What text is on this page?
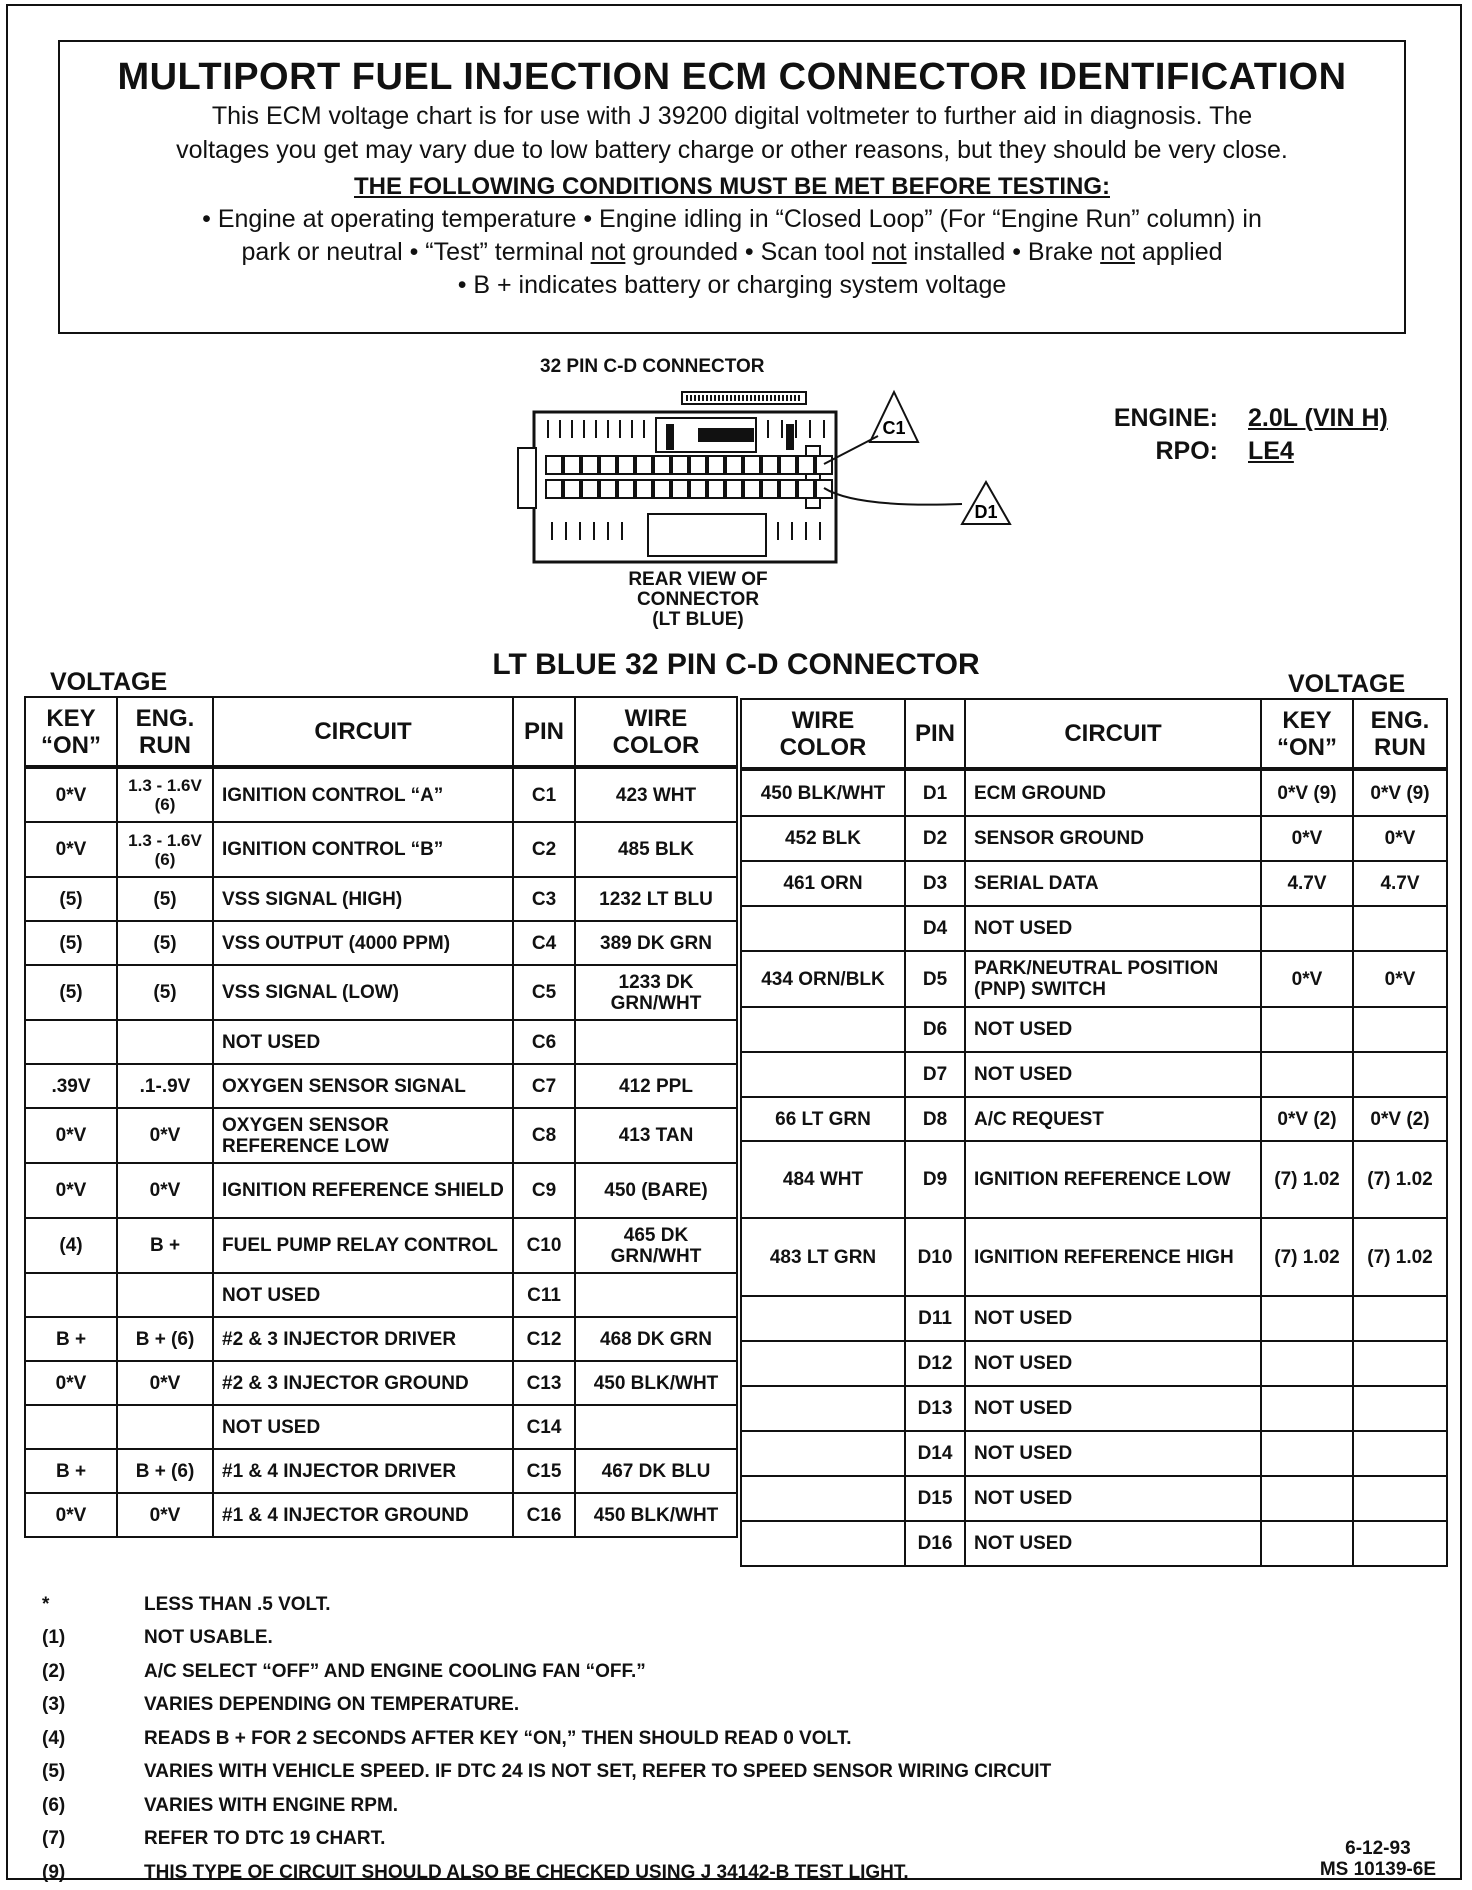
MULTIPORT FUEL INJECTION ECM CONNECTOR IDENTIFICATION
This ECM voltage chart is for use with J 39200 digital voltmeter to further aid in diagnosis. The
voltages you get may vary due to low battery charge or other reasons, but they should be very close.
THE FOLLOWING CONDITIONS MUST BE MET BEFORE TESTING:
• Engine at operating temperature • Engine idling in “Closed Loop” (For “Engine Run” column) in
park or neutral • “Test” terminal not grounded • Scan tool not installed • Brake not applied
• B + indicates battery or charging system voltage
32 PIN C-D CONNECTOR
C1
D1
REAR VIEW OF CONNECTOR
(LT BLUE)
ENGINE: 2.0L (VIN H)
RPO: LE4
LT BLUE 32 PIN C-D CONNECTOR
VOLTAGE	VOLTAGE
KEY “ON”	ENG. RUN	CIRCUIT	PIN	WIRE COLOR
0*V	1.3 - 1.6V (6)	IGNITION CONTROL “A”	C1	423 WHT
0*V	1.3 - 1.6V (6)	IGNITION CONTROL “B”	C2	485 BLK
(5)	(5)	VSS SIGNAL (HIGH)	C3	1232 LT BLU
(5)	(5)	VSS OUTPUT (4000 PPM)	C4	389 DK GRN
(5)	(5)	VSS SIGNAL (LOW)	C5	1233 DK GRN/WHT
		NOT USED	C6	
.39V	.1-.9V	OXYGEN SENSOR SIGNAL	C7	412 PPL
0*V	0*V	OXYGEN SENSOR REFERENCE LOW	C8	413 TAN
0*V	0*V	IGNITION REFERENCE SHIELD	C9	450 (BARE)
(4)	B +	FUEL PUMP RELAY CONTROL	C10	465 DK GRN/WHT
		NOT USED	C11	
B +	B + (6)	#2 & 3 INJECTOR DRIVER	C12	468 DK GRN
0*V	0*V	#2 & 3 INJECTOR GROUND	C13	450 BLK/WHT
		NOT USED	C14	
B +	B + (6)	#1 & 4 INJECTOR DRIVER	C15	467 DK BLU
0*V	0*V	#1 & 4 INJECTOR GROUND	C16	450 BLK/WHT
WIRE COLOR	PIN	CIRCUIT	KEY “ON”	ENG. RUN
450 BLK/WHT	D1	ECM GROUND	0*V (9)	0*V (9)
452 BLK	D2	SENSOR GROUND	0*V	0*V
461 ORN	D3	SERIAL DATA	4.7V	4.7V
	D4	NOT USED		
434 ORN/BLK	D5	PARK/NEUTRAL POSITION (PNP) SWITCH	0*V	0*V
	D6	NOT USED		
	D7	NOT USED		
66 LT GRN	D8	A/C REQUEST	0*V (2)	0*V (2)
484 WHT	D9	IGNITION REFERENCE LOW	(7) 1.02	(7) 1.02
483 LT GRN	D10	IGNITION REFERENCE HIGH	(7) 1.02	(7) 1.02
	D11	NOT USED		
	D12	NOT USED		
	D13	NOT USED		
	D14	NOT USED		
	D15	NOT USED		
	D16	NOT USED		
*	LESS THAN .5 VOLT.
(1)	NOT USABLE.
(2)	A/C SELECT “OFF” AND ENGINE COOLING FAN “OFF.”
(3)	VARIES DEPENDING ON TEMPERATURE.
(4)	READS B + FOR 2 SECONDS AFTER KEY “ON,” THEN SHOULD READ 0 VOLT.
(5)	VARIES WITH VEHICLE SPEED. IF DTC 24 IS NOT SET, REFER TO SPEED SENSOR WIRING CIRCUIT
(6)	VARIES WITH ENGINE RPM.
(7)	REFER TO DTC 19 CHART.
(9)	THIS TYPE OF CIRCUIT SHOULD ALSO BE CHECKED USING J 34142-B TEST LIGHT.
6-12-93
MS 10139-6E
